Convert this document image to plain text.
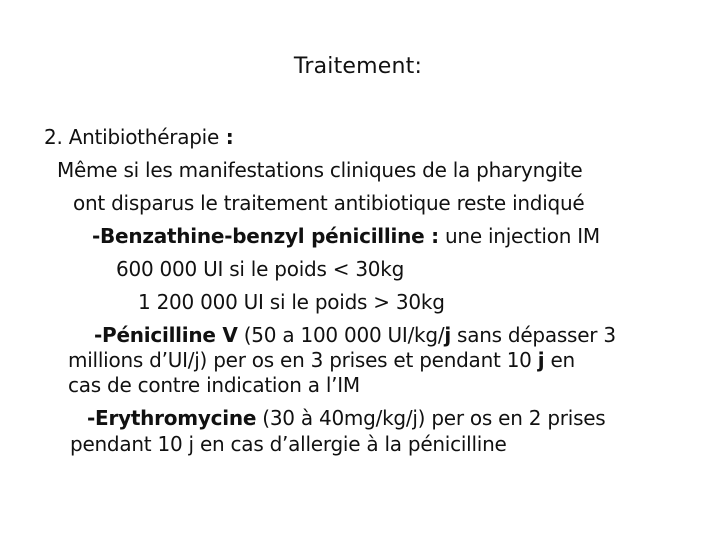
Traitement:
2. Antibiothérapie :
Même si les manifestations cliniques de la pharyngite
ont disparus le traitement antibiotique reste indiqué
-Benzathine-benzyl pénicilline : une injection IM
600 000 UI si le poids < 30kg
1 200 000 UI si le poids > 30kg
-Pénicilline V (50 a 100 000 UI/kg/j sans dépasser 3
millions d’UI/j) per os en 3 prises et pendant 10 j en
cas de contre indication a l’IM
-Erythromycine (30 à 40mg/kg/j) per os en 2 prises
pendant 10 j en cas d’allergie à la pénicilline
